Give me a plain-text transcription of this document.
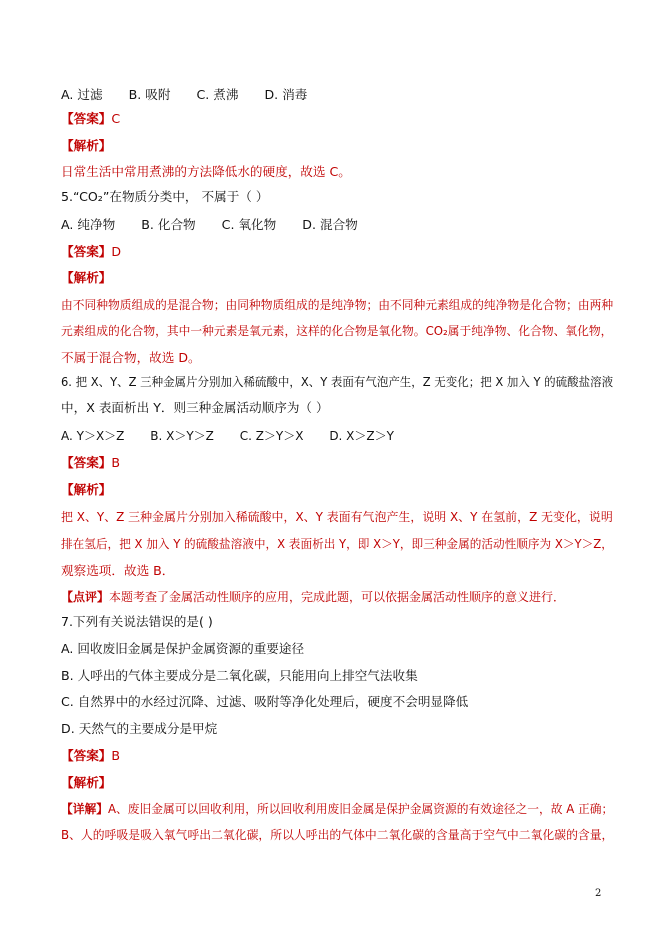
A. 过滤 B. 吸附 C. 煮沸 D. 消毒
【答案】C
【解析】
日常生活中常用煮沸的方法降低水的硬度，故选 C。
5.“CO₂”在物质分类中， 不属于（ ）
A. 纯净物 B. 化合物 C. 氧化物 D. 混合物
【答案】D
【解析】
由不同种物质组成的是混合物；由同种物质组成的是纯净物；由不同种元素组成的纯净物是化合物；由两种
元素组成的化合物，其中一种元素是氧元素，这样的化合物是氧化物。CO₂属于纯净物、化合物、氧化物，
不属于混合物，故选 D。
6. 把 X、Y、Z 三种金属片分别加入稀硫酸中，X、Y 表面有气泡产生，Z 无变化；把 X 加入 Y 的硫酸盐溶液
中，X 表面析出 Y．则三种金属活动顺序为（ ）
A. Y＞X＞Z B. X＞Y＞Z C. Z＞Y＞X D. X＞Z＞Y
【答案】B
【解析】
把 X、Y、Z 三种金属片分别加入稀硫酸中，X、Y 表面有气泡产生，说明 X、Y 在氢前，Z 无变化，说明
排在氢后，把 X 加入 Y 的硫酸盐溶液中，X 表面析出 Y，即 X＞Y，即三种金属的活动性顺序为 X＞Y＞Z，
观察选项．故选 B．
【点评】本题考查了金属活动性顺序的应用，完成此题，可以依据金属活动性顺序的意义进行．
7.下列有关说法错误的是( )
A. 回收废旧金属是保护金属资源的重要途径
B. 人呼出的气体主要成分是二氧化碳，只能用向上排空气法收集
C. 自然界中的水经过沉降、过滤、吸附等净化处理后，硬度不会明显降低
D. 天然气的主要成分是甲烷
【答案】B
【解析】
【详解】A、废旧金属可以回收利用，所以回收利用废旧金属是保护金属资源的有效途径之一，故 A 正确；
B、人的呼吸是吸入氧气呼出二氧化碳，所以人呼出的气体中二氧化碳的含量高于空气中二氧化碳的含量，
2
